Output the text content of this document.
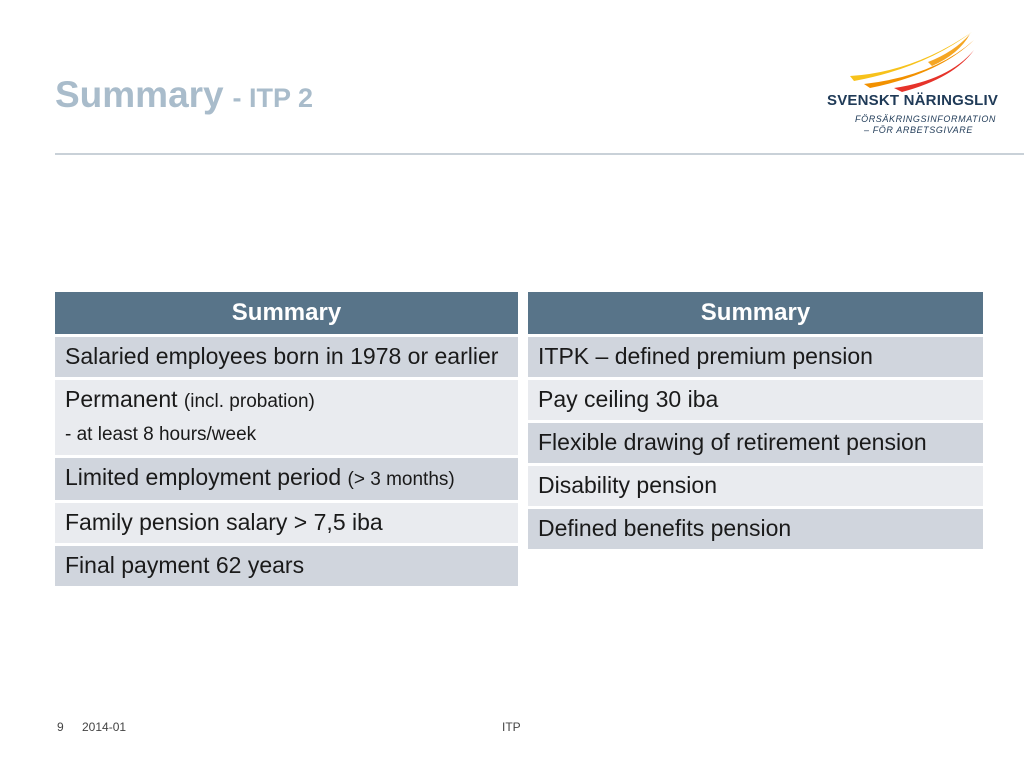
Summary - ITP 2	SVENSKT NÄRINGSLIV
FÖRSÄKRINGSINFORMATION
– FÖR ARBETSGIVARE
Summary
Salaried employees born in 1978 or earlier
Permanent (incl. probation)
- at least 8 hours/week
Limited employment period (> 3 months)
Family pension salary > 7,5 iba
Final payment 62 years
Summary
ITPK – defined premium pension
Pay ceiling 30 iba
Flexible drawing of retirement pension
Disability pension
Defined benefits pension
9 2014-01	ITP
